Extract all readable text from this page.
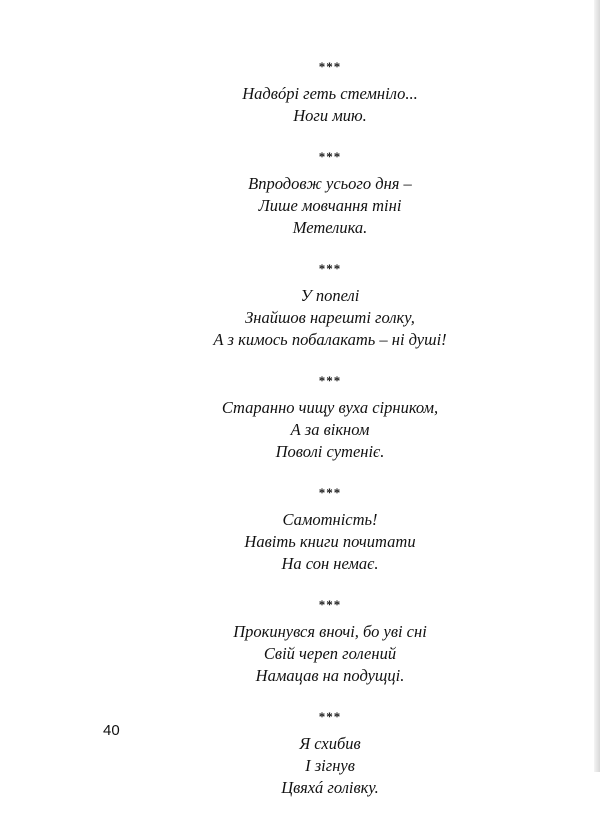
***
Надвóрі геть стемніло...
Ноги мию.
***
Впродовж усього дня –
Лише мовчання тіні
Метелика.
***
У попелі
Знайшов нарешті голку,
А з кимось побалакать – ні душі!
***
Старанно чищу вуха сірником,
А за вікном
Поволі сутеніє.
***
Самотність!
Навіть книги почитати
На сон немає.
***
Прокинувся вночі, бо уві сні
Свій череп голений
Намацав на подущці.
***
Я схибив
І зігнув
Цвяхá голівку.
40
